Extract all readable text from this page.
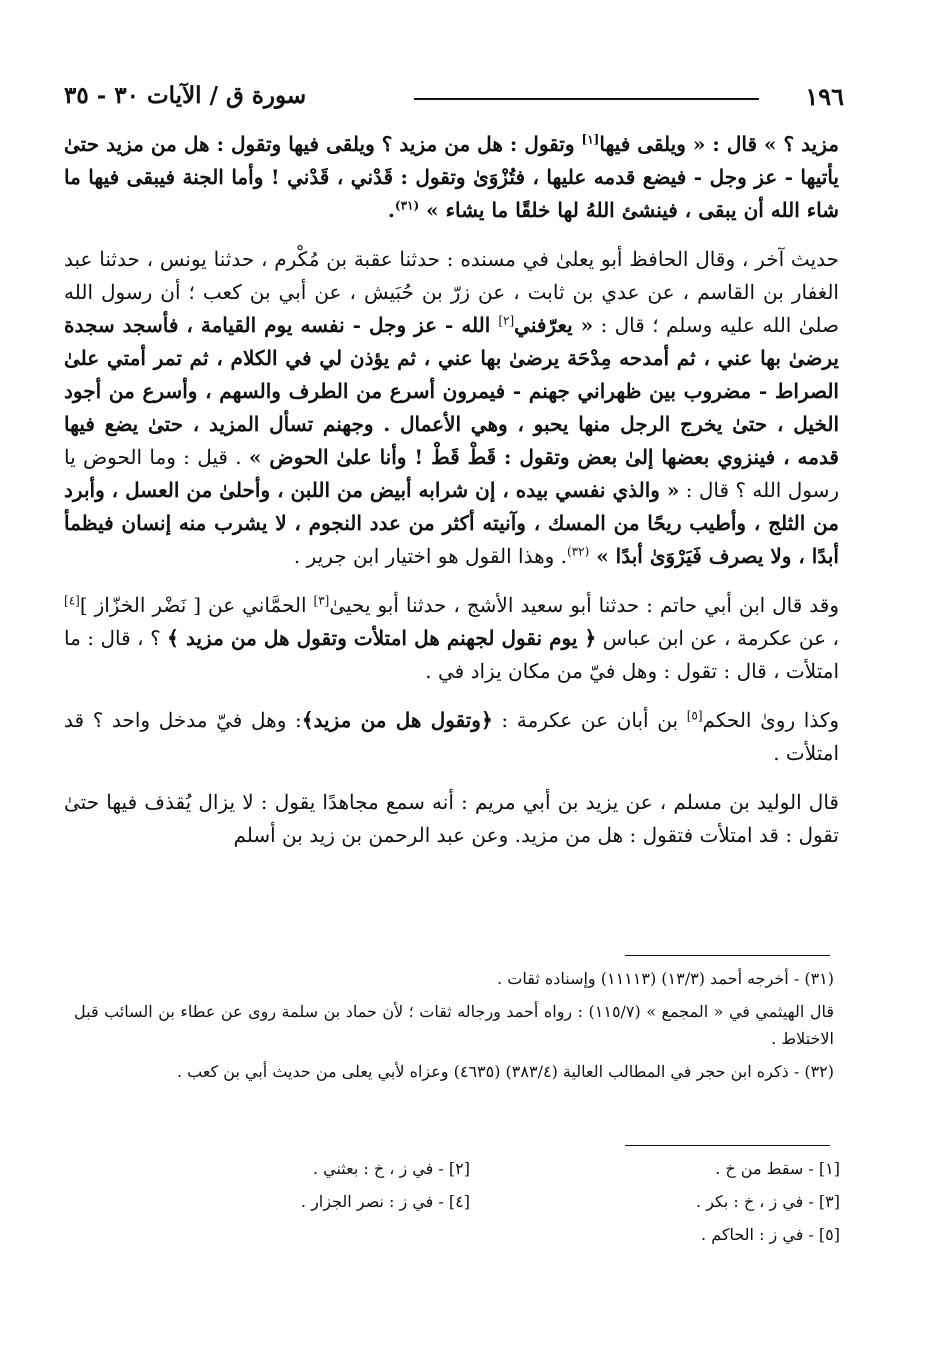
١٩٦
سورة ق / الآيات ٣٠ - ٣٥

مزيد ؟ » قال : « ويلقى فيها[١] وتقول : هل من مزيد ؟ ويلقى فيها وتقول : هل من مزيد حتىٰ يأتيها - عز وجل - فيضع قدمه عليها ، فتُزْوَىٰ وتقول : قَدْني ، قَدْني ! وأما الجنة فيبقى فيها ما شاء الله أن يبقى ، فينشئ اللهُ لها خلقًا ما يشاء » $^{(٣١)}$.

حديث آخر ، وقال الحافظ أبو يعلىٰ في مسنده : حدثنا عقبة بن مُكْرم ، حدثنا يونس ، حدثنا عبد الغفار بن القاسم ، عن عدي بن ثابت ، عن زرّ بن حُبَيش ، عن أبي بن كعب ؛ أن رسول الله صلىٰ الله عليه وسلم ؛ قال : « يعرّفني[٢] الله - عز وجل - نفسه يوم القيامة ، فأسجد سجدة يرضىٰ بها عني ، ثم أمدحه مِدْحَة يرضىٰ بها عني ، ثم يؤذن لي في الكلام ، ثم تمر أمتي علىٰ الصراط - مضروب بين ظهراني جهنم - فيمرون أسرع من الطرف والسهم ، وأسرع من أجود الخيل ، حتىٰ يخرج الرجل منها يحبو ، وهي الأعمال . وجهنم تسأل المزيد ، حتىٰ يضع فيها قدمه ، فينزوي بعضها إلىٰ بعض وتقول : قَطْ قَطْ ! وأنا علىٰ الحوض » . قيل : وما الحوض يا رسول الله ؟ قال : « والذي نفسي بيده ، إن شرابه أبيض من اللبن ، وأحلىٰ من العسل ، وأبرد من الثلج ، وأطيب ريحًا من المسك ، وآنيته أكثر من عدد النجوم ، لا يشرب منه إنسان فيظمأ أبدًا ، ولا يصرف فَيَرْوَىٰ أبدًا » $^{(٣٢)}$. وهذا القول هو اختيار ابن جرير .

وقد قال ابن أبي حاتم : حدثنا أبو سعيد الأشج ، حدثنا أبو يحيىٰ[٣] الحمَّاني عن [ نَضْر الخزّاز ][٤] ، عن عكرمة ، عن ابن عباس ﴿ يوم نقول لجهنم هل امتلأت وتقول هل من مزيد ﴾ ؟ ، قال : ما امتلأت ، قال : تقول : وهل فيّ من مكان يزاد في .

وكذا روىٰ الحكم[٥] بن أبان عن عكرمة : ﴿وتقول هل من مزيد﴾: وهل فيّ مدخل واحد ؟ قد امتلأت .

قال الوليد بن مسلم ، عن يزيد بن أبي مريم : أنه سمع مجاهدًا يقول : لا يزال يُقذف فيها حتىٰ تقول : قد امتلأت فتقول : هل من مزيد. وعن عبد الرحمن بن زيد بن أسلم

(٣١) - أخرجه أحمد (١٣/٣) (١١١١٣) وإسناده ثقات .

قال الهيثمي في « المجمع » (١١٥/٧) : رواه أحمد ورجاله ثقات ؛ لأن حماد بن سلمة روى عن عطاء بن السائب قبل الاختلاط .

(٣٢) - ذكره ابن حجر في المطالب العالية (٣٨٣/٤) (٤٦٣٥) وعزاه لأبي يعلى من حديث أبي بن كعب .

[١] - سقط من خ .
[٣] - في ز ، خ : بكر .
[٥] - في ز : الحاكم .
[٢] - في ز ، خ : بعثني .
[٤] - في ز : نصر الجزار .
